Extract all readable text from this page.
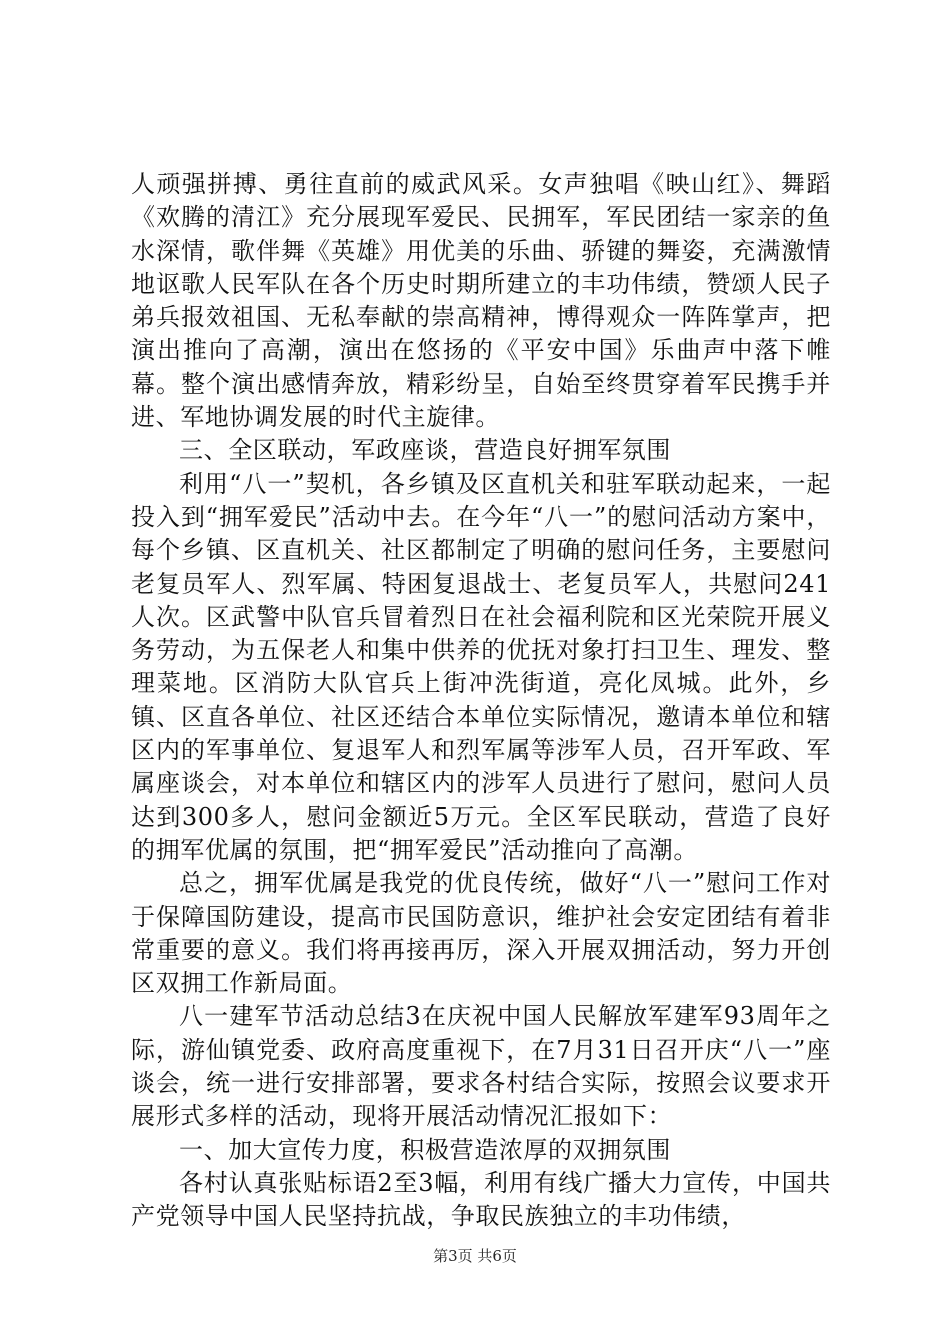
人顽强拼搏、勇往直前的威武风采。女声独唱《映山红》、舞蹈《欢腾的清江》充分展现军爱民、民拥军，军民团结一家亲的鱼水深情，歌伴舞《英雄》用优美的乐曲、骄键的舞姿，充满激情地讴歌人民军队在各个历史时期所建立的丰功伟绩，赞颂人民子弟兵报效祖国、无私奉献的崇高精神，博得观众一阵阵掌声，把演出推向了高潮，演出在悠扬的《平安中国》乐曲声中落下帷幕。整个演出感情奔放，精彩纷呈，自始至终贯穿着军民携手并进、军地协调发展的时代主旋律。

三、全区联动，军政座谈，营造良好拥军氛围

利用“八一”契机，各乡镇及区直机关和驻军联动起来，一起投入到“拥军爱民”活动中去。在今年“八一”的慰问活动方案中，每个乡镇、区直机关、社区都制定了明确的慰问任务，主要慰问老复员军人、烈军属、特困复退战士、老复员军人，共慰问241人次。区武警中队官兵冒着烈日在社会福利院和区光荣院开展义务劳动，为五保老人和集中供养的优抚对象打扫卫生、理发、整理菜地。区消防大队官兵上街冲洗街道，亮化凤城。此外，乡镇、区直各单位、社区还结合本单位实际情况，邀请本单位和辖区内的军事单位、复退军人和烈军属等涉军人员，召开军政、军属座谈会，对本单位和辖区内的涉军人员进行了慰问，慰问人员达到300多人，慰问金额近5万元。全区军民联动，营造了良好的拥军优属的氛围，把“拥军爱民”活动推向了高潮。

总之，拥军优属是我党的优良传统，做好“八一”慰问工作对于保障国防建设，提高市民国防意识，维护社会安定团结有着非常重要的意义。我们将再接再厉，深入开展双拥活动，努力开创区双拥工作新局面。

八一建军节活动总结3在庆祝中国人民解放军建军93周年之际，游仙镇党委、政府高度重视下，在7月31日召开庆“八一”座谈会，统一进行安排部署，要求各村结合实际，按照会议要求开展形式多样的活动，现将开展活动情况汇报如下：

一、加大宣传力度，积极营造浓厚的双拥氛围

各村认真张贴标语2至3幅，利用有线广播大力宣传，中国共产党领导中国人民坚持抗战，争取民族独立的丰功伟绩，

第3页 共6页
